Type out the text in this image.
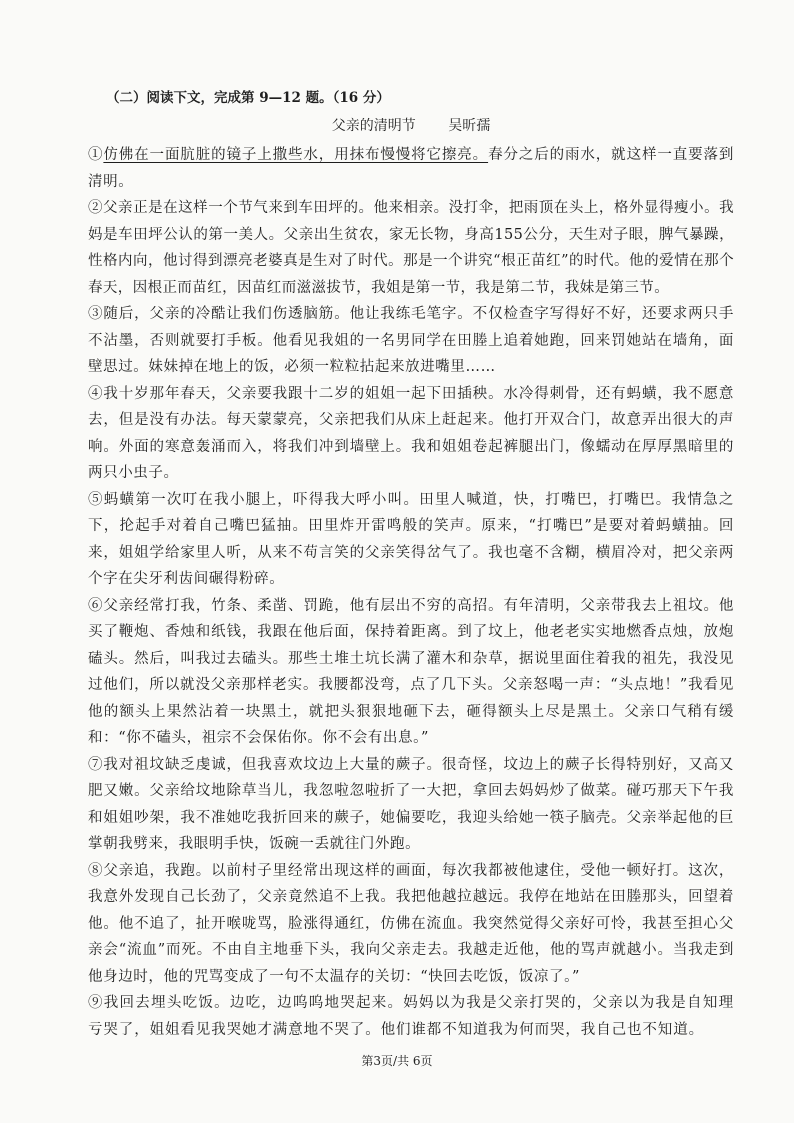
（二）阅读下文，完成第 9—12 题。（16 分）
父亲的清明节 吴昕孺

①仿佛在一面肮脏的镜子上撒些水，用抹布慢慢将它擦亮。春分之后的雨水，就这样一直要落到清明。

②父亲正是在这样一个节气来到车田坪的。他来相亲。没打伞，把雨顶在头上，格外显得瘦小。我妈是车田坪公认的第一美人。父亲出生贫农，家无长物，身高155公分，天生对子眼，脾气暴躁，性格内向，他讨得到漂亮老婆真是生对了时代。那是一个讲究“根正苗红”的时代。他的爱情在那个春天，因根正而苗红，因苗红而滋滋拔节，我姐是第一节，我是第二节，我妹是第三节。

③随后，父亲的冷酷让我们伤透脑筋。他让我练毛笔字。不仅检查字写得好不好，还要求两只手不沾墨，否则就要打手板。他看见我姐的一名男同学在田塍上追着她跑，回来罚她站在墙角，面壁思过。妹妹掉在地上的饭，必须一粒粒拈起来放进嘴里……

④我十岁那年春天，父亲要我跟十二岁的姐姐一起下田插秧。水冷得刺骨，还有蚂蟥，我不愿意去，但是没有办法。每天蒙蒙亮，父亲把我们从床上赶起来。他打开双合门，故意弄出很大的声响。外面的寒意轰涌而入，将我们冲到墙壁上。我和姐姐卷起裤腿出门，像蠕动在厚厚黑暗里的两只小虫子。

⑤蚂蟥第一次叮在我小腿上，吓得我大呼小叫。田里人喊道，快，打嘴巴，打嘴巴。我情急之下，抡起手对着自己嘴巴猛抽。田里炸开雷鸣般的笑声。原来，“打嘴巴”是要对着蚂蟥抽。回来，姐姐学给家里人听，从来不苟言笑的父亲笑得岔气了。我也毫不含糊，横眉冷对，把父亲两个字在尖牙利齿间碾得粉碎。

⑥父亲经常打我，竹条、柔凿、罚跪，他有层出不穷的高招。有年清明，父亲带我去上祖坟。他买了鞭炮、香烛和纸钱，我跟在他后面，保持着距离。到了坟上，他老老实实地燃香点烛，放炮磕头。然后，叫我过去磕头。那些土堆土坑长满了灌木和杂草，据说里面住着我的祖先，我没见过他们，所以就没父亲那样老实。我腰都没弯，点了几下头。父亲怒喝一声：“头点地！”我看见他的额头上果然沾着一块黑土，就把头狠狠地砸下去，砸得额头上尽是黑土。父亲口气稍有缓和：“你不磕头，祖宗不会保佑你。你不会有出息。”

⑦我对祖坟缺乏虔诚，但我喜欢坟边上大量的蕨子。很奇怪，坟边上的蕨子长得特别好，又高又肥又嫩。父亲给坟地除草当儿，我忽啦忽啦折了一大把，拿回去妈妈炒了做菜。碰巧那天下午我和姐姐吵架，我不准她吃我折回来的蕨子，她偏要吃，我迎头给她一筷子脑壳。父亲举起他的巨掌朝我劈来，我眼明手快，饭碗一丢就往门外跑。

⑧父亲追，我跑。以前村子里经常出现这样的画面，每次我都被他逮住，受他一顿好打。这次，我意外发现自己长劲了，父亲竟然追不上我。我把他越拉越远。我停在地站在田塍那头，回望着他。他不追了，扯开喉咙骂，脸涨得通红，仿佛在流血。我突然觉得父亲好可怜，我甚至担心父亲会“流血”而死。不由自主地垂下头，我向父亲走去。我越走近他，他的骂声就越小。当我走到他身边时，他的咒骂变成了一句不太温存的关切：“快回去吃饭，饭凉了。”

⑨我回去埋头吃饭。边吃，边呜呜地哭起来。妈妈以为我是父亲打哭的，父亲以为我是自知理亏哭了，姐姐看见我哭她才满意地不哭了。他们谁都不知道我为何而哭，我自己也不知道。

第3页/共 6页
